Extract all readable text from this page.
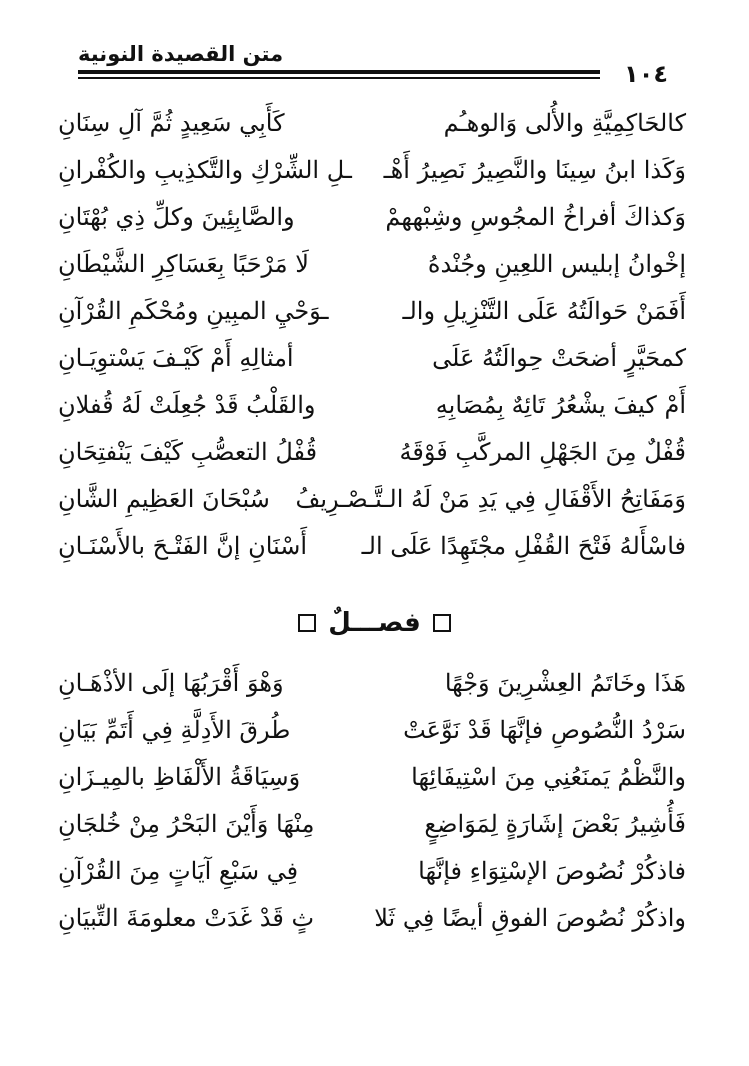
متن القصيدة النونية
١٠٤
كالحَاكِمِيَّةِ والأُلى وَالوهـُم
كَأَبِي سَعِيدٍ ثُمَّ آلِ سِنَانِ
وَكَذا ابنُ سِينَا والنَّصِيرُ نَصِيرُ أَهْـ
ـلِ الشِّرْكِ والتَّكذِيبِ والكُفْرانِ
وَكذاكَ أفراخُ المجُوسِ وشِبْههمْ
والصَّابِئِينَ وكلِّ ذِي بُهْتَانِ
إخْوانُ إبليس اللعِينِ وجُنْدهُ
لَا مَرْحَبًا بِعَسَاكِرِ الشَّيْطَانِ
أَفَمَنْ حَوالَتُهُ عَلَى التَّنْزِيلِ والـ
ـوَحْيِ المبِينِ ومُحْكَمِ القُرْآنِ
كمحَيَّرٍ أضحَتْ حِوالَتُهُ عَلَى
أمثالِهِ أَمْ كَيْـفَ يَسْتوِيَـانِ
أَمْ كيفَ يشْعُرُ تَائِهٌ بِمُصَابِهِ
والقَلْبُ قَدْ جُعِلَتْ لَهُ قُفلانِ
قُفْلٌ مِنَ الجَهْلِ المركَّبِ فَوْقَهُ
قُفْلُ التعصُّبِ كَيْفَ يَنْفتِحَانِ
وَمَفَاتِحُ الأَقْفَالِ فِي يَدِ مَنْ لَهُ الـتَّـصْـرِيفُ
سُبْحَانَ العَظِيمِ الشَّانِ
فاسْأَلهُ فَتْحَ القُفْلِ مجْتَهِدًا عَلَى الـ
أَسْنَانِ إنَّ الفَتْـحَ بالأَسْنَـانِ
فصـــلٌ
هَذَا وخَاتَمُ العِشْرِينَ وَجْهًا
وَهْوَ أَقْرَبُهَا إلَى الأذْهَـانِ
سَرْدُ النُّصُوصِ فإنَّهَا قَدْ نَوَّعَتْ
طُرقَ الأَدِلَّةِ فِي أَتَمِّ بَيَانِ
والنَّظْمُ يَمنَعُنِي مِنَ اسْتِيفَائِهَا
وَسِيَاقَةُ الأَلْفَاظِ بالمِيـزَانِ
فَأُشِيرُ بَعْضَ إشَارَةٍ لِمَوَاضِعٍ
مِنْهَا وَأَيْنَ البَحْرُ مِنْ خُلجَانِ
فاذكُرْ نُصُوصَ الإسْتِوَاءِ فإنَّهَا
فِي سَبْعِ آيَاتٍ مِنَ القُرْآنِ
واذكُرْ نُصُوصَ الفوقِ أيضًا فِي ثَلا
ثٍ قَدْ غَدَتْ معلومَةَ التِّبيَانِ
